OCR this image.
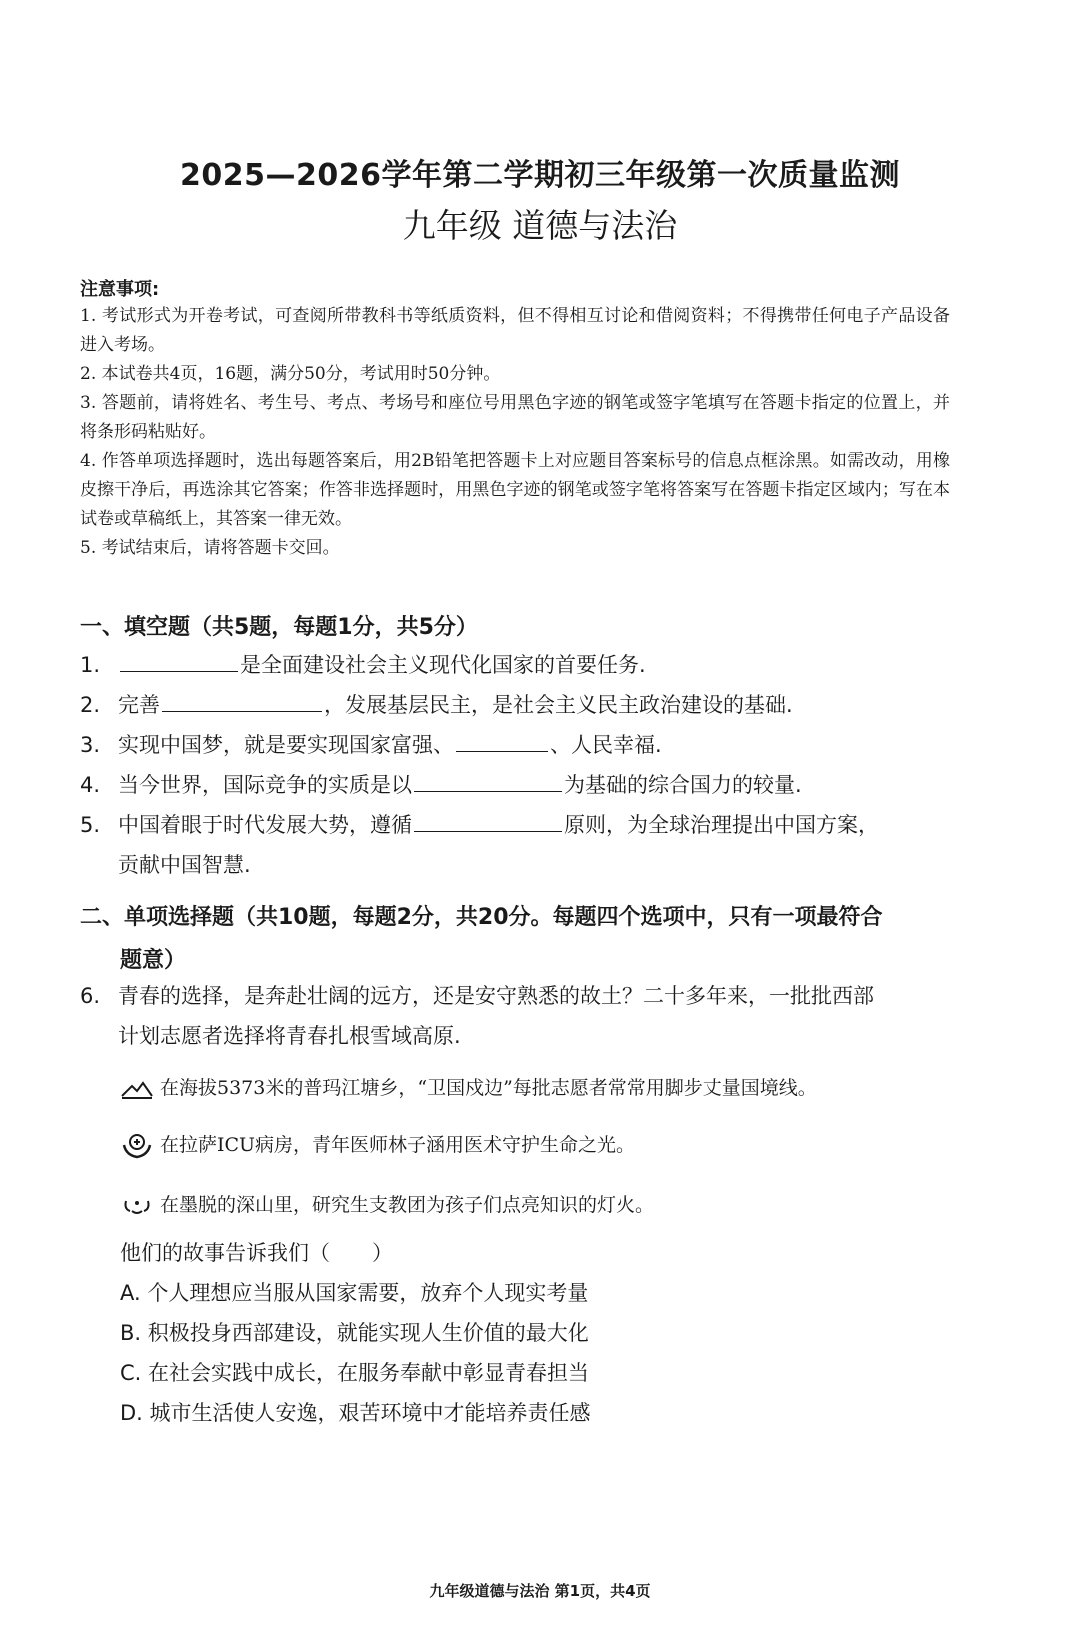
2025—2026学年第二学期初三年级第一次质量监测
九年级 道德与法治
注意事项:

1. 考试形式为开卷考试，可查阅所带教科书等纸质资料，但不得相互讨论和借阅资料；不得携带任何电子产品设备进入考场。

2. 本试卷共4页，16题，满分50分，考试用时50分钟。

3. 答题前，请将姓名、考生号、考点、考场号和座位号用黑色字迹的钢笔或签字笔填写在答题卡指定的位置上，并将条形码粘贴好。

4. 作答单项选择题时，选出每题答案后，用2B铅笔把答题卡上对应题目答案标号的信息点框涂黑。如需改动，用橡皮擦干净后，再选涂其它答案；作答非选择题时，用黑色字迹的钢笔或签字笔将答案写在答题卡指定区域内；写在本试卷或草稿纸上，其答案一律无效。

5. 考试结束后，请将答题卡交回。

一、填空题（共5题，每题1分，共5分）
1.	是全面建设社会主义现代化国家的首要任务.
2. 完善	，发展基层民主，是社会主义民主政治建设的基础.
3. 实现中国梦，就是要实现国家富强、	、人民幸福.
4. 当今世界，国际竞争的实质是以	为基础的综合国力的较量.
5. 中国着眼于时代发展大势，遵循	原则，为全球治理提出中国方案，
贡献中国智慧.
二、单项选择题（共10题，每题2分，共20分。每题四个选项中，只有一项最符合
题意）
6. 青春的选择，是奔赴壮阔的远方，还是安守熟悉的故土？二十多年来，一批批西部
计划志愿者选择将青春扎根雪域高原.
在海拔5373米的普玛江塘乡，“卫国戍边”每批志愿者常常用脚步丈量国境线。
在拉萨ICU病房，青年医师林子涵用医术守护生命之光。
在墨脱的深山里，研究生支教团为孩子们点亮知识的灯火。
他们的故事告诉我们（　　）
A. 个人理想应当服从国家需要，放弃个人现实考量
B. 积极投身西部建设，就能实现人生价值的最大化
C. 在社会实践中成长，在服务奉献中彰显青春担当
D. 城市生活使人安逸，艰苦环境中才能培养责任感
九年级道德与法治 第1页，共4页
